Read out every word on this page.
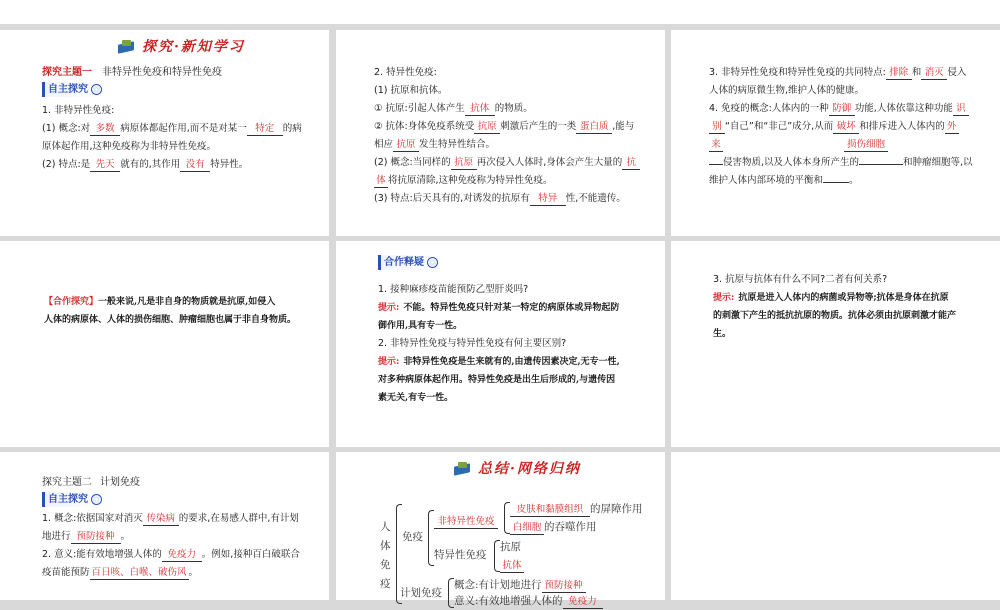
探究·新知学习
探究主题一 非特异性免疫和特异性免疫
自主探究
1. 非特异性免疫:
(1) 概念:对 多数 病原体都起作用,而不是对某一 特定 的病
原体起作用,这种免疫称为非特异性免疫。
(2) 特点:是 先天 就有的,其作用 没有 特异性。
2. 特异性免疫:
(1) 抗原和抗体。
① 抗原:引起人体产生 抗体 的物质。
② 抗体:身体免疫系统受 抗原 刺激后产生的一类 蛋白质 ,能与
相应 抗原 发生特异性结合。
(2) 概念:当同样的 抗原 再次侵入人体时,身体会产生大量的 抗
体 将抗原清除,这种免疫称为特异性免疫。
(3) 特点:后天具有的,对诱发的抗原有 特异 性,不能遗传。
3. 非特异性免疫和特异性免疫的共同特点: 排除 和 消灭 侵入
人体的病原微生物,维护人体的健康。
4. 免疫的概念:人体内的一种 防御 功能,人体依靠这种功能 识
别 “自己”和“非己”成分,从而 破坏 和排斥进入人体内的 外
来	损伤细胞
侵害物质,以及人体本身所产生的	和肿瘤细胞等,以
维护人体内部环境的平衡和	。
【合作探究】一般来说,凡是非自身的物质就是抗原,如侵入
人体的病原体、人体的损伤细胞、肿瘤细胞也属于非自身物质。
合作释疑
1. 接种麻疹疫苗能预防乙型肝炎吗?
提示: 不能。特异性免疫只针对某一特定的病原体或异物起防
御作用,具有专一性。
2. 非特异性免疫与特异性免疫有何主要区别?
提示: 非特异性免疫是生来就有的,由遗传因素决定,无专一性,
对多种病原体起作用。特异性免疫是出生后形成的,与遗传因
素无关,有专一性。
3. 抗原与抗体有什么不同?二者有何关系?
提示: 抗原是进入人体内的病菌或异物等;抗体是身体在抗原
的刺激下产生的抵抗抗原的物质。抗体必须由抗原刺激才能产
生。
探究主题二 计划免疫
自主探究
1. 概念:依据国家对消灭 传染病 的要求,在易感人群中,有计划
地进行 预防接种 。
2. 意义:能有效地增强人体的 免疫力 。例如,接种百白破联合
疫苗能预防 百日咳、白喉、破伤风 。
总结·网络归纳
人体免疫
免疫
非特异性免疫
皮肤和黏膜组织 的屏障作用
白细胞 的吞噬作用
特异性免疫
抗原
抗体
计划免疫
概念:有计划地进行 预防接种
意义:有效地增强人体的 免疫力
